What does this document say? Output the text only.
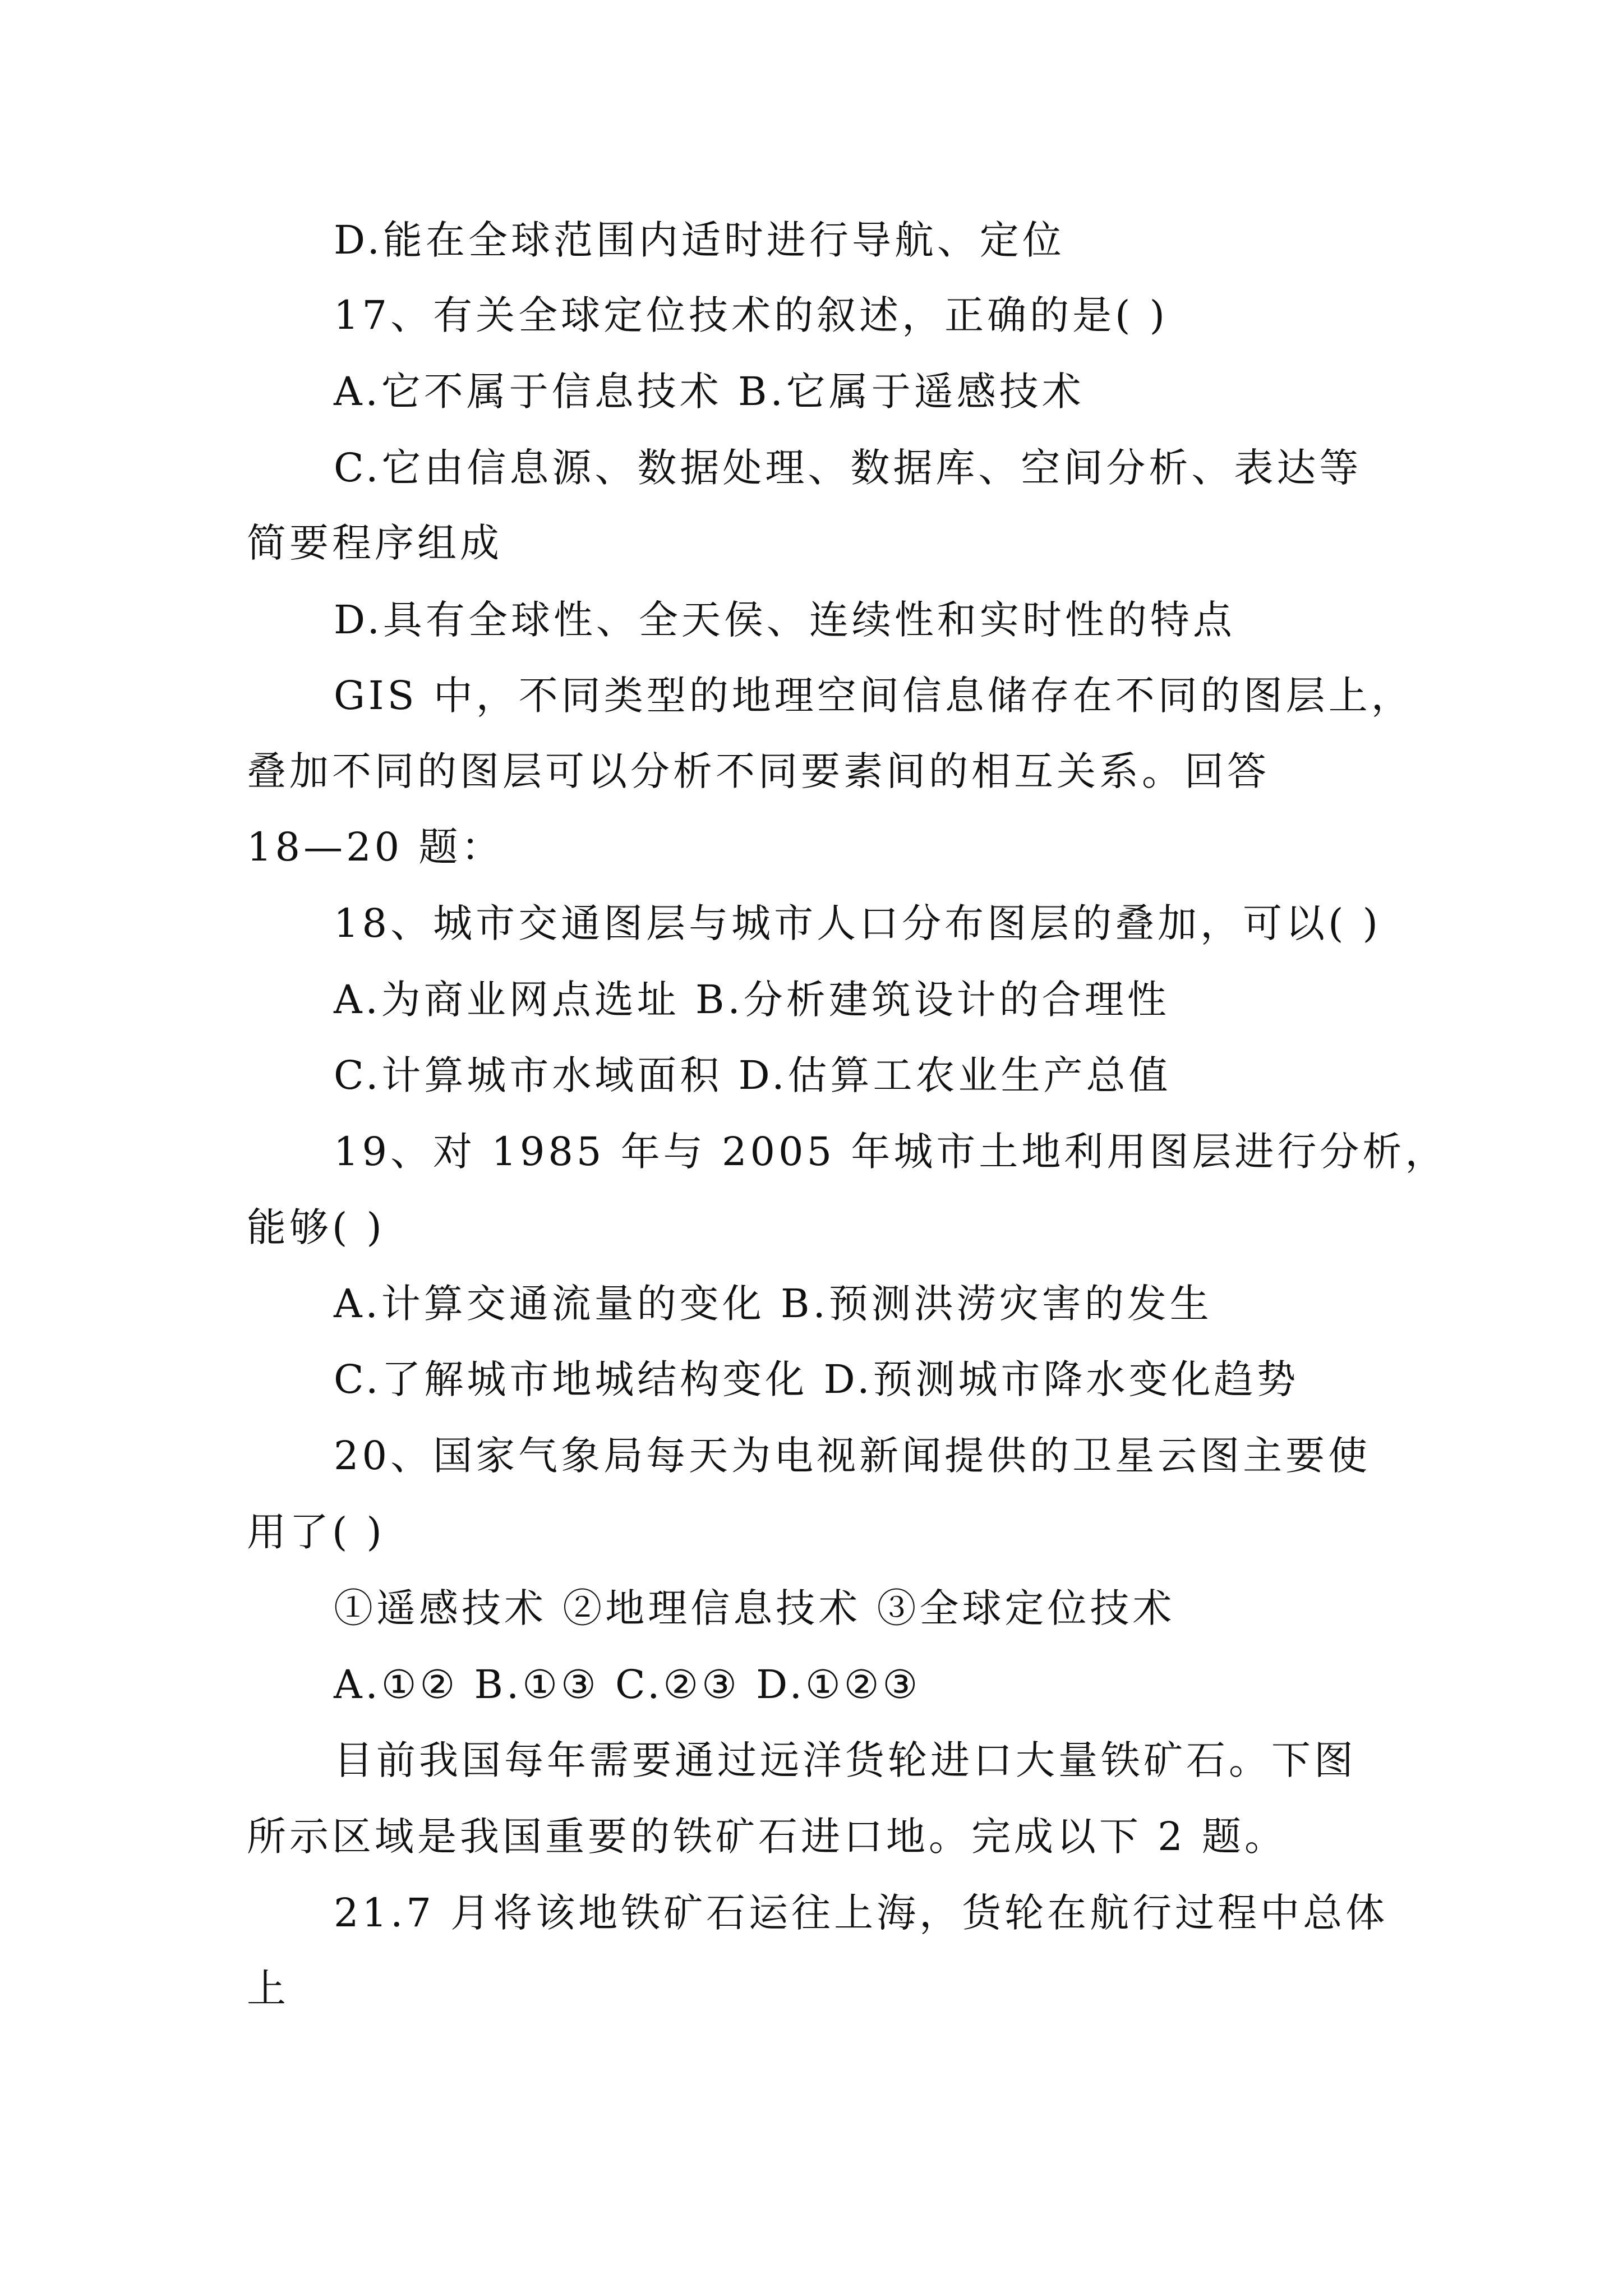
D.能在全球范围内适时进行导航、定位
17、有关全球定位技术的叙述，正确的是( )
A.它不属于信息技术 B.它属于遥感技术
C.它由信息源、数据处理、数据库、空间分析、表达等
简要程序组成
D.具有全球性、全天侯、连续性和实时性的特点
GIS 中，不同类型的地理空间信息储存在不同的图层上，
叠加不同的图层可以分析不同要素间的相互关系。回答
18—20 题：
18、城市交通图层与城市人口分布图层的叠加，可以( )
A.为商业网点选址 B.分析建筑设计的合理性
C.计算城市水域面积 D.估算工农业生产总值
19、对 1985 年与 2005 年城市土地利用图层进行分析，
能够( )
A.计算交通流量的变化 B.预测洪涝灾害的发生
C.了解城市地城结构变化 D.预测城市降水变化趋势
20、国家气象局每天为电视新闻提供的卫星云图主要使
用了( )
①遥感技术 ②地理信息技术 ③全球定位技术
A.①② B.①③ C.②③ D.①②③
目前我国每年需要通过远洋货轮进口大量铁矿石。下图
所示区域是我国重要的铁矿石进口地。完成以下 2 题。
21.7 月将该地铁矿石运往上海，货轮在航行过程中总体
上
